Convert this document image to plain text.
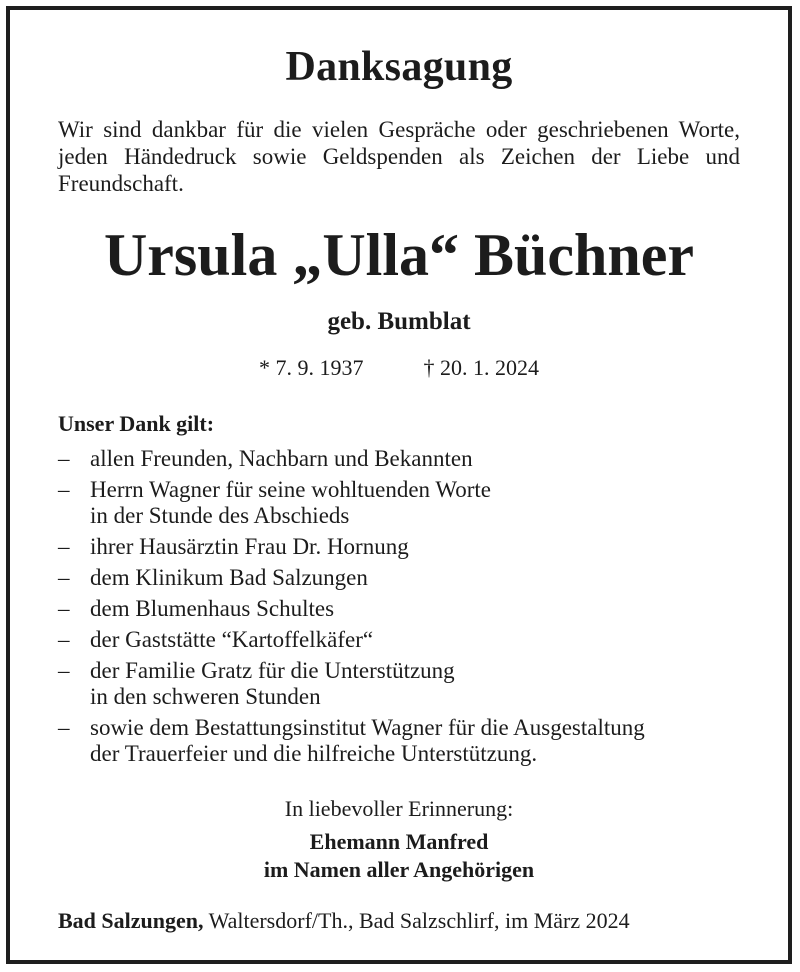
Danksagung
Wir sind dankbar für die vielen Gespräche oder geschriebenen Worte, jeden Händedruck sowie Geldspenden als Zeichen der Liebe und Freundschaft.
Ursula „Ulla“ Büchner
geb. Bumblat
* 7. 9. 1937	† 20. 1. 2024
Unser Dank gilt:
– allen Freunden, Nachbarn und Bekannten
– Herrn Wagner für seine wohltuenden Worte
in der Stunde des Abschieds
– ihrer Hausärztin Frau Dr. Hornung
– dem Klinikum Bad Salzungen
– dem Blumenhaus Schultes
– der Gaststätte “Kartoffelkäfer“
– der Familie Gratz für die Unterstützung
in den schweren Stunden
– sowie dem Bestattungsinstitut Wagner für die Ausgestaltung
der Trauerfeier und die hilfreiche Unterstützung.
In liebevoller Erinnerung:
Ehemann Manfred
im Namen aller Angehörigen
Bad Salzungen, Waltersdorf/Th., Bad Salzschlirf, im März 2024
